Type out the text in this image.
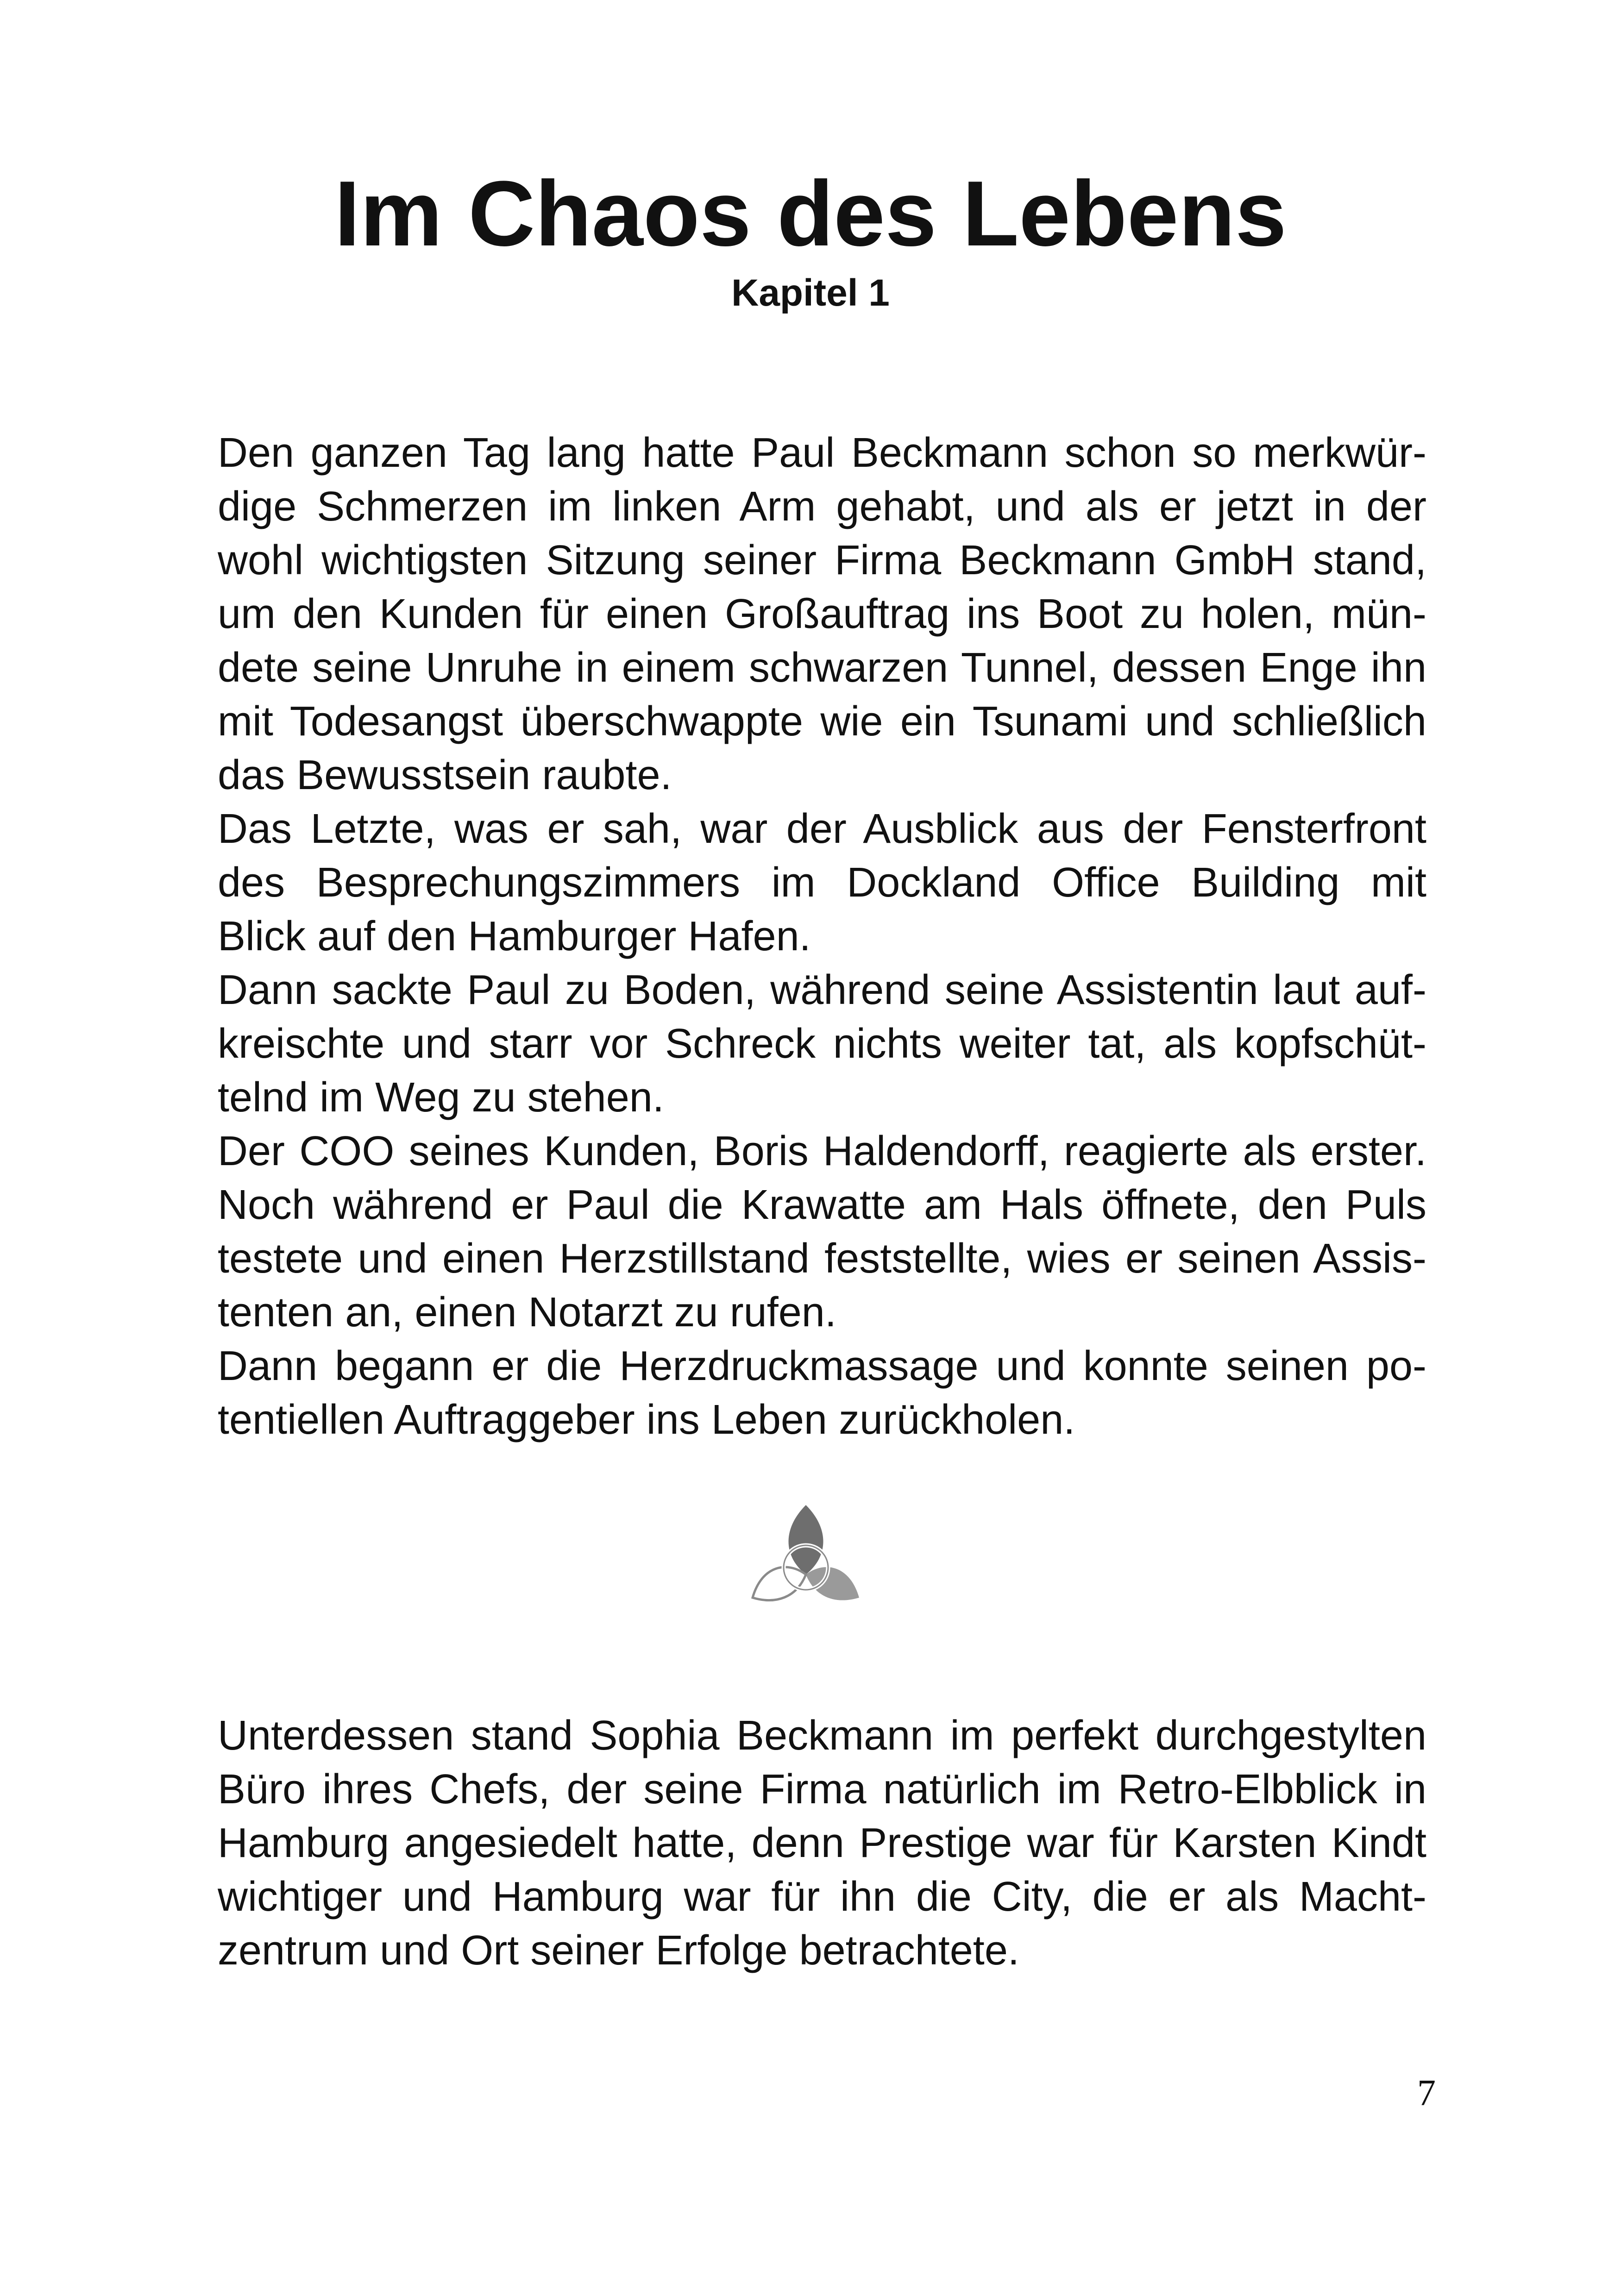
Im Chaos des Lebens
Kapitel 1
Den ganzen Tag lang hatte Paul Beckmann schon so merkwür-
dige Schmerzen im linken Arm gehabt, und als er jetzt in der
wohl wichtigsten Sitzung seiner Firma Beckmann GmbH stand,
um den Kunden für einen Großauftrag ins Boot zu holen, mün-
dete seine Unruhe in einem schwarzen Tunnel, dessen Enge ihn
mit Todesangst überschwappte wie ein Tsunami und schließlich
das Bewusstsein raubte.
Das Letzte, was er sah, war der Ausblick aus der Fensterfront
des Besprechungszimmers im Dockland Office Building mit
Blick auf den Hamburger Hafen.
Dann sackte Paul zu Boden, während seine Assistentin laut auf-
kreischte und starr vor Schreck nichts weiter tat, als kopfschüt-
telnd im Weg zu stehen.
Der COO seines Kunden, Boris Haldendorff, reagierte als erster.
Noch während er Paul die Krawatte am Hals öffnete, den Puls
testete und einen Herzstillstand feststellte, wies er seinen Assis-
tenten an, einen Notarzt zu rufen.
Dann begann er die Herzdruckmassage und konnte seinen po-
tentiellen Auftraggeber ins Leben zurückholen.
Unterdessen stand Sophia Beckmann im perfekt durchgestylten
Büro ihres Chefs, der seine Firma natürlich im Retro-Elbblick in
Hamburg angesiedelt hatte, denn Prestige war für Karsten Kindt
wichtiger und Hamburg war für ihn die City, die er als Macht-
zentrum und Ort seiner Erfolge betrachtete.

7
